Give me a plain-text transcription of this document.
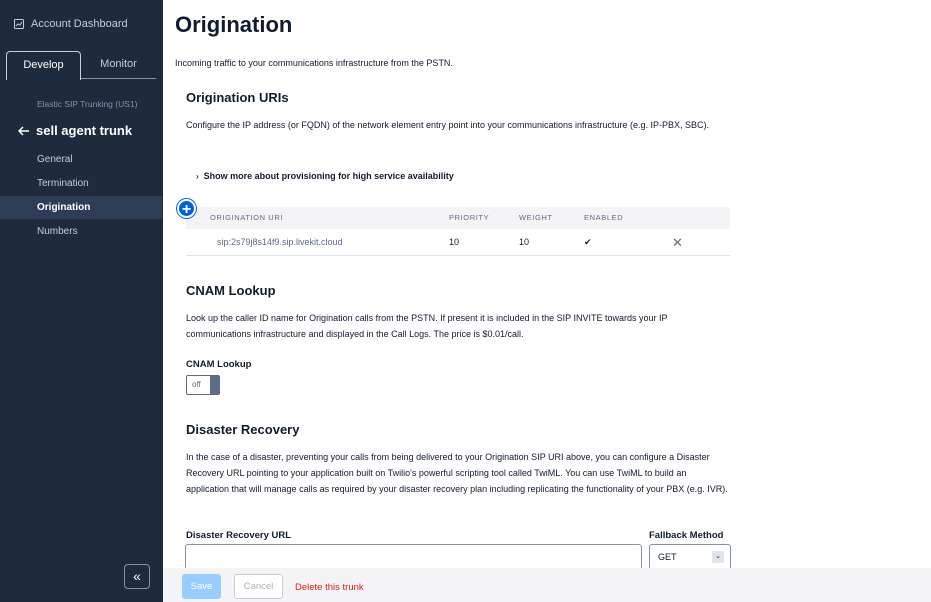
Account Dashboard
Develop	Monitor
Elastic SIP Trunking (US1)
sell agent trunk
General
Termination
Origination
Numbers
«
Origination
Incoming traffic to your communications infrastructure from the PSTN.
Origination URIs
Configure the IP address (or FQDN) of the network element entry point into your communications infrastructure (e.g. IP-PBX, SBC).
› Show more about provisioning for high service availability
ORIGINATION URI	PRIORITY	WEIGHT	ENABLED
sip:2s79j8s14f9.sip.livekit.cloud	10	10	✔	✕
+
CNAM Lookup
Look up the caller ID name for Origination calls from the PSTN. If present it is included in the SIP INVITE towards your IP communications infrastructure and displayed in the Call Logs. The price is $0.01/call.
CNAM Lookup
off
Disaster Recovery
In the case of a disaster, preventing your calls from being delivered to your Origination SIP URI above, you can configure a Disaster Recovery URL pointing to your application built on Twilio's powerful scripting tool called TwiML. You can use TwiML to build an application that will manage calls as required by your disaster recovery plan including replicating the functionality of your PBX (e.g. IVR).
Disaster Recovery URL	Fallback Method
GET	⌄
Save	Cancel	Delete this trunk
